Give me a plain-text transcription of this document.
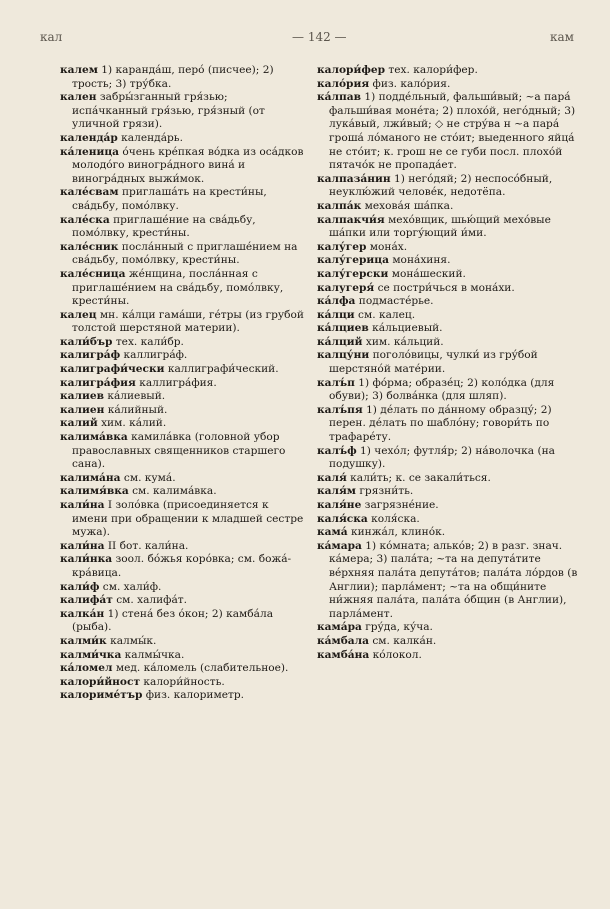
кал	— 142 —	кам
калем 1) каранда́ш, перо́ (писчее); 2) трость; 3) тру́бка.
кален забры́зганный гря́зью; испа́чканный гря́зью, гря́зный (от уличной грязи).
календа́р календа́рь.
ка́леница о́чень кре́пкая во́дка из оса́дков молодо́го виногра́дного вина́ и виногра́дных выжи́мок.
кале́свам приглаша́ть на крести́ны, сва́дьбу, помо́лвку.
кале́ска приглаше́ние на сва́дьбу, помо́лвку, крести́ны.
кале́сник посла́нный с приглаше́нием на сва́дьбу, помо́лвку, крести́ны.
кале́сница же́нщина, посла́нная с приглаше́нием на сва́дьбу, помо́лвку, крести́ны.
калец мн. ка́лци гама́ши, ге́тры (из грубой толстой шерстяной материи).
кали́бър тех. кали́бр.
калигра́ф каллигра́ф.
калиграфи́чески каллиграфи́ческий.
калигра́фия каллигра́фия.
калиев ка́лиевый.
калиен ка́лийный.
калий хим. ка́лий.
калима́вка камила́вка (головной убор православных священников старшего сана).
калима́на см. кума́.
калимя́вка см. калима́вка.
кали́на I золо́вка (присоединяется к имени при обращении к младшей сестре мужа).
кали́на II бот. кали́на.
кали́нка зоол. бо́жья коро́вка; см. божа́-кра́вица.
кали́ф см. хали́ф.
калифа́т см. халифа́т.
калка́н 1) стена́ без о́кон; 2) камба́ла (рыба).
калми́к калмы́к.
калми́чка калмы́чка.
ка́ломел мед. ка́ломель (слабительное).
калори́йност калори́йность.
калориме́тър физ. калориметр.
калори́фер тех. калори́фер.
кало́рия физ. кало́рия.
ка́лпав 1) подде́льный, фальши́вый; ~а пара́ фальши́вая моне́та; 2) плохо́й, него́дный; 3) лука́вый, лжи́вый; ◇ не стру́ва н ~а пара́ гроша́ ло́маного не сто́ит; выеденного яйца́ не сто́ит; к. грош не се губи посл. плохо́й пятачо́к не пропада́ет.
калпаза́нин 1) него́дяй; 2) неспосо́бный, неуклю́жий челове́к, недотёпа.
калпа́к мехова́я ша́пка.
калпакчи́я мехо́вщик, шью́щий мехо́вые ша́пки или торгу́ющий и́ми.
калу́гер мона́х.
калу́герица мона́хиня.
калу́герски мона́шеский.
калугеря́ се постри́чься в мона́хи.
ка́лфа подмасте́рье.
ка́лци см. калец.
ка́лциев ка́льциевый.
ка́лций хим. ка́льций.
калцу́ни поголо́вицы, чулки́ из гру́бой шерстяно́й мате́рии.
калъ́п 1) фо́рма; образе́ц; 2) коло́дка (для обуви); 3) болва́нка (для шляп).
калъ́пя 1) де́лать по да́нному образцу́; 2) перен. де́лать по шабло́ну; говори́ть по трафаре́ту.
калъ́ф 1) чехо́л; футля́р; 2) на́волочка (на подушку).
каля́ кали́ть; к. се закали́ться.
каля́м грязни́ть.
каля́не загрязне́ние.
каля́ска коля́ска.
кама́ кинжа́л, клино́к.
ка́мара 1) ко́мната; алько́в; 2) в разг. знач. ка́мера; 3) пала́та; ~та на депута́тите ве́рхняя пала́та депута́тов; пала́та ло́рдов (в Англии); парла́мент; ~та на общи́ните ни́жняя пала́та, пала́та о́бщин (в Англии), парла́мент.
кама́ра гру́да, ку́ча.
ка́мбала см. калка́н.
камба́на ко́локол.
